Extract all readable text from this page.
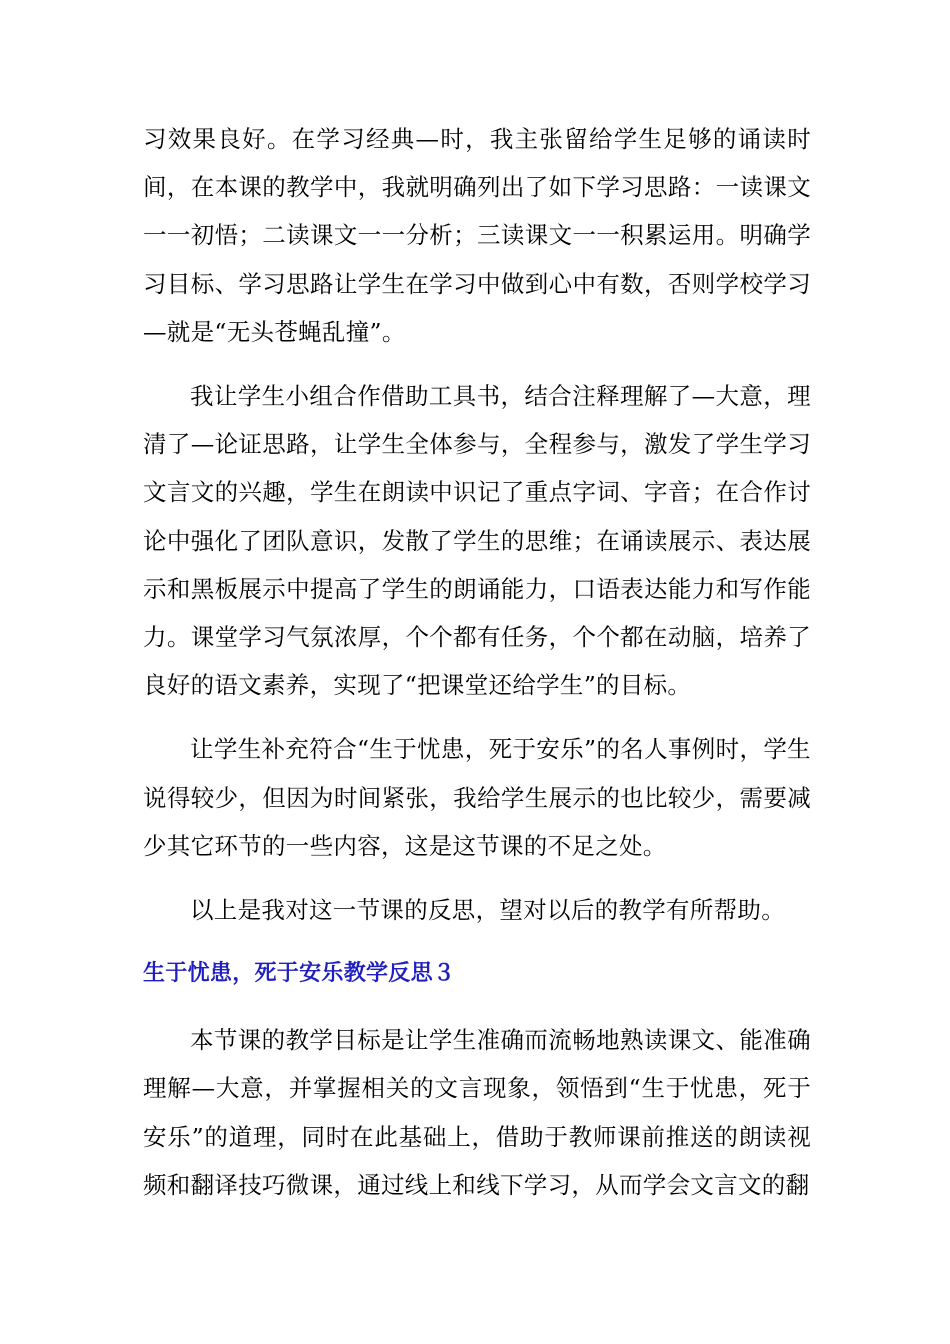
习效果良好。在学习经典—时，我主张留给学生足够的诵读时间，在本课的教学中，我就明确列出了如下学习思路：一读课文一一初悟；二读课文一一分析；三读课文一一积累运用。明确学习目标、学习思路让学生在学习中做到心中有数，否则学校学习—就是“无头苍蝇乱撞”。

我让学生小组合作借助工具书，结合注释理解了—大意，理清了—论证思路，让学生全体参与，全程参与，激发了学生学习文言文的兴趣，学生在朗读中识记了重点字词、字音；在合作讨论中强化了团队意识，发散了学生的思维；在诵读展示、表达展示和黑板展示中提高了学生的朗诵能力，口语表达能力和写作能力。课堂学习气氛浓厚，个个都有任务，个个都在动脑，培养了良好的语文素养，实现了“把课堂还给学生”的目标。

让学生补充符合“生于忧患，死于安乐”的名人事例时，学生说得较少，但因为时间紧张，我给学生展示的也比较少，需要减少其它环节的一些内容，这是这节课的不足之处。

以上是我对这一节课的反思，望对以后的教学有所帮助。

生于忧患，死于安乐教学反思３

本节课的教学目标是让学生准确而流畅地熟读课文、能准确理解—大意，并掌握相关的文言现象，领悟到“生于忧患，死于安乐”的道理，同时在此基础上，借助于教师课前推送的朗读视频和翻译技巧微课，通过线上和线下学习，从而学会文言文的翻
